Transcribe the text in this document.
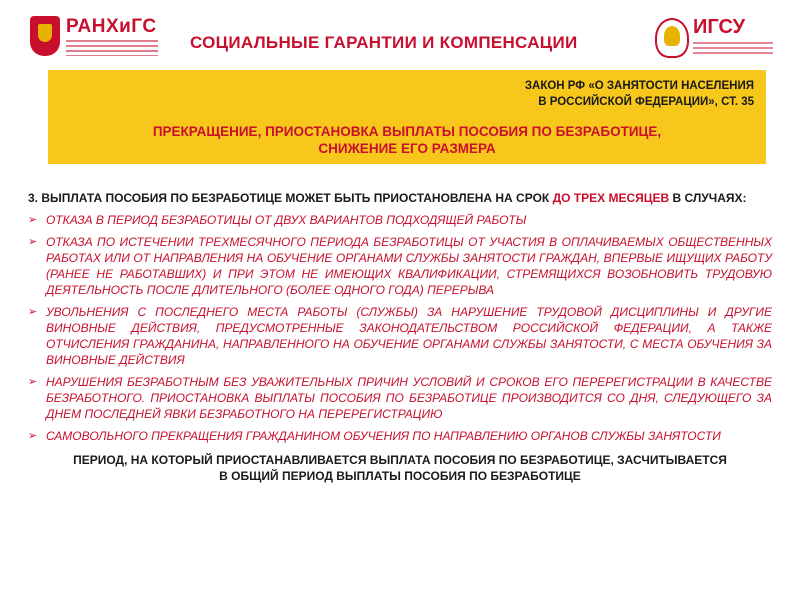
РАНХиГС
СОЦИАЛЬНЫЕ ГАРАНТИИ И КОМПЕНСАЦИИ
ИГСУ
ЗАКОН РФ «О ЗАНЯТОСТИ НАСЕЛЕНИЯ
В РОССИЙСКОЙ ФЕДЕРАЦИИ», СТ. 35
ПРЕКРАЩЕНИЕ, ПРИОСТАНОВКА ВЫПЛАТЫ ПОСОБИЯ ПО БЕЗРАБОТИЦЕ,
СНИЖЕНИЕ ЕГО РАЗМЕРА

3. ВЫПЛАТА ПОСОБИЯ ПО БЕЗРАБОТИЦЕ МОЖЕТ БЫТЬ ПРИОСТАНОВЛЕНА НА СРОК ДО ТРЕХ МЕСЯЦЕВ В СЛУЧАЯХ:

➢ ОТКАЗА В ПЕРИОД БЕЗРАБОТИЦЫ ОТ ДВУХ ВАРИАНТОВ ПОДХОДЯЩЕЙ РАБОТЫ
➢ ОТКАЗА ПО ИСТЕЧЕНИИ ТРЕХМЕСЯЧНОГО ПЕРИОДА БЕЗРАБОТИЦЫ ОТ УЧАСТИЯ В ОПЛАЧИВАЕМЫХ ОБЩЕСТВЕННЫХ РАБОТАХ ИЛИ ОТ НАПРАВЛЕНИЯ НА ОБУЧЕНИЕ ОРГАНАМИ СЛУЖБЫ ЗАНЯТОСТИ ГРАЖДАН, ВПЕРВЫЕ ИЩУЩИХ РАБОТУ (РАНЕЕ НЕ РАБОТАВШИХ) И ПРИ ЭТОМ НЕ ИМЕЮЩИХ КВАЛИФИКАЦИИ, СТРЕМЯЩИХСЯ ВОЗОБНОВИТЬ ТРУДОВУЮ ДЕЯТЕЛЬНОСТЬ ПОСЛЕ ДЛИТЕЛЬНОГО (БОЛЕЕ ОДНОГО ГОДА) ПЕРЕРЫВА
➢ УВОЛЬНЕНИЯ С ПОСЛЕДНЕГО МЕСТА РАБОТЫ (СЛУЖБЫ) ЗА НАРУШЕНИЕ ТРУДОВОЙ ДИСЦИПЛИНЫ И ДРУГИЕ ВИНОВНЫЕ ДЕЙСТВИЯ, ПРЕДУСМОТРЕННЫЕ ЗАКОНОДАТЕЛЬСТВОМ РОССИЙСКОЙ ФЕДЕРАЦИИ, А ТАКЖЕ ОТЧИСЛЕНИЯ ГРАЖДАНИНА, НАПРАВЛЕННОГО НА ОБУЧЕНИЕ ОРГАНАМИ СЛУЖБЫ ЗАНЯТОСТИ, С МЕСТА ОБУЧЕНИЯ ЗА ВИНОВНЫЕ ДЕЙСТВИЯ
➢ НАРУШЕНИЯ БЕЗРАБОТНЫМ БЕЗ УВАЖИТЕЛЬНЫХ ПРИЧИН УСЛОВИЙ И СРОКОВ ЕГО ПЕРЕРЕГИСТРАЦИИ В КАЧЕСТВЕ БЕЗРАБОТНОГО. ПРИОСТАНОВКА ВЫПЛАТЫ ПОСОБИЯ ПО БЕЗРАБОТИЦЕ ПРОИЗВОДИТСЯ СО ДНЯ, СЛЕДУЮЩЕГО ЗА ДНЕМ ПОСЛЕДНЕЙ ЯВКИ БЕЗРАБОТНОГО НА ПЕРЕРЕГИСТРАЦИЮ
➢ САМОВОЛЬНОГО ПРЕКРАЩЕНИЯ ГРАЖДАНИНОМ ОБУЧЕНИЯ ПО НАПРАВЛЕНИЮ ОРГАНОВ СЛУЖБЫ ЗАНЯТОСТИ
ПЕРИОД, НА КОТОРЫЙ ПРИОСТАНАВЛИВАЕТСЯ ВЫПЛАТА ПОСОБИЯ ПО БЕЗРАБОТИЦЕ, ЗАСЧИТЫВАЕТСЯ
В ОБЩИЙ ПЕРИОД ВЫПЛАТЫ ПОСОБИЯ ПО БЕЗРАБОТИЦЕ
